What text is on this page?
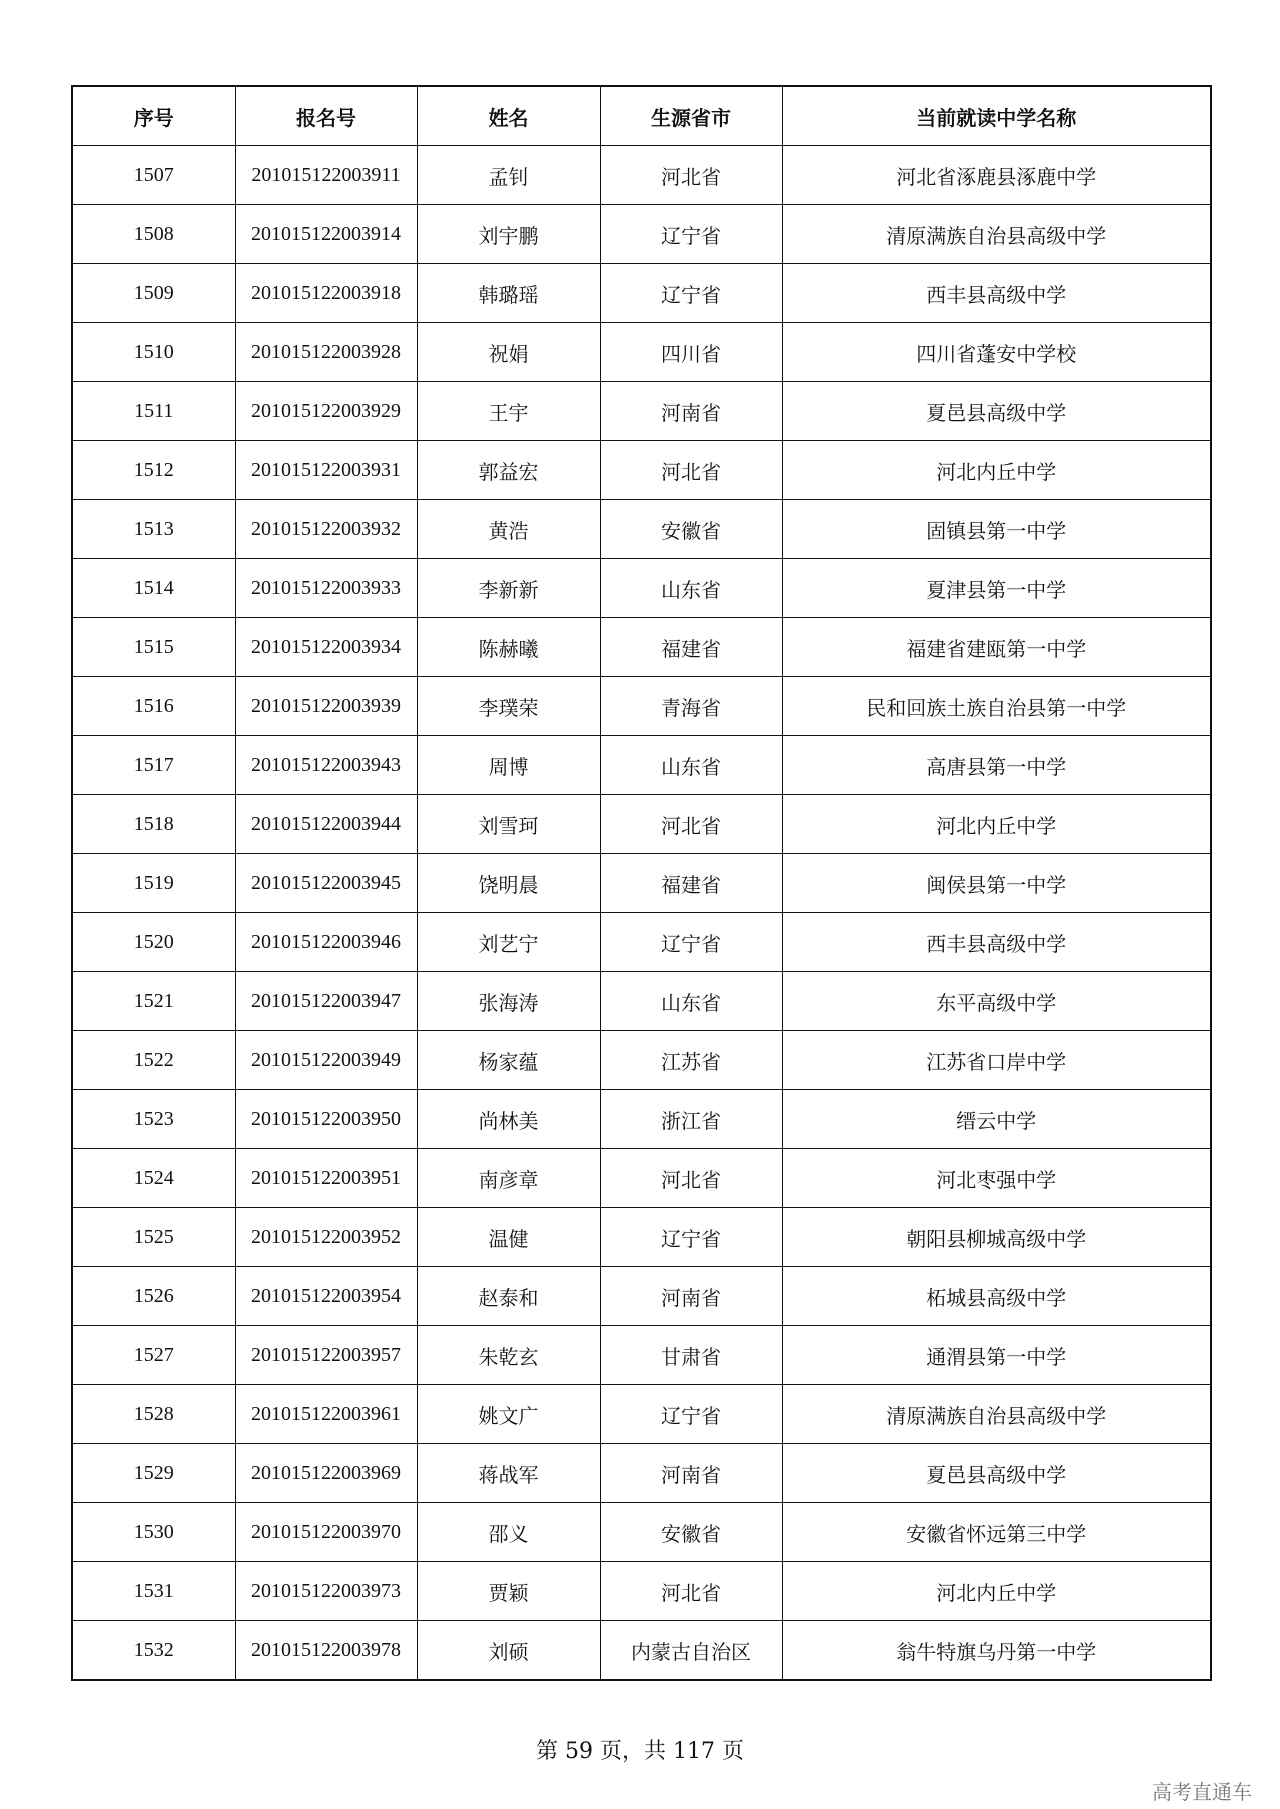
序号	报名号	姓名	生源省市	当前就读中学名称
1507	201015122003911	孟钊	河北省	河北省涿鹿县涿鹿中学
1508	201015122003914	刘宇鹏	辽宁省	清原满族自治县高级中学
1509	201015122003918	韩璐瑶	辽宁省	西丰县高级中学
1510	201015122003928	祝娟	四川省	四川省蓬安中学校
1511	201015122003929	王宇	河南省	夏邑县高级中学
1512	201015122003931	郭益宏	河北省	河北内丘中学
1513	201015122003932	黄浩	安徽省	固镇县第一中学
1514	201015122003933	李新新	山东省	夏津县第一中学
1515	201015122003934	陈赫曦	福建省	福建省建瓯第一中学
1516	201015122003939	李璞荣	青海省	民和回族土族自治县第一中学
1517	201015122003943	周博	山东省	高唐县第一中学
1518	201015122003944	刘雪珂	河北省	河北内丘中学
1519	201015122003945	饶明晨	福建省	闽侯县第一中学
1520	201015122003946	刘艺宁	辽宁省	西丰县高级中学
1521	201015122003947	张海涛	山东省	东平高级中学
1522	201015122003949	杨家蕴	江苏省	江苏省口岸中学
1523	201015122003950	尚林美	浙江省	缙云中学
1524	201015122003951	南彦章	河北省	河北枣强中学
1525	201015122003952	温健	辽宁省	朝阳县柳城高级中学
1526	201015122003954	赵泰和	河南省	柘城县高级中学
1527	201015122003957	朱乾玄	甘肃省	通渭县第一中学
1528	201015122003961	姚文广	辽宁省	清原满族自治县高级中学
1529	201015122003969	蒋战军	河南省	夏邑县高级中学
1530	201015122003970	邵义	安徽省	安徽省怀远第三中学
1531	201015122003973	贾颖	河北省	河北内丘中学
1532	201015122003978	刘硕	内蒙古自治区	翁牛特旗乌丹第一中学
第 59 页，共 117 页
高考直通车
